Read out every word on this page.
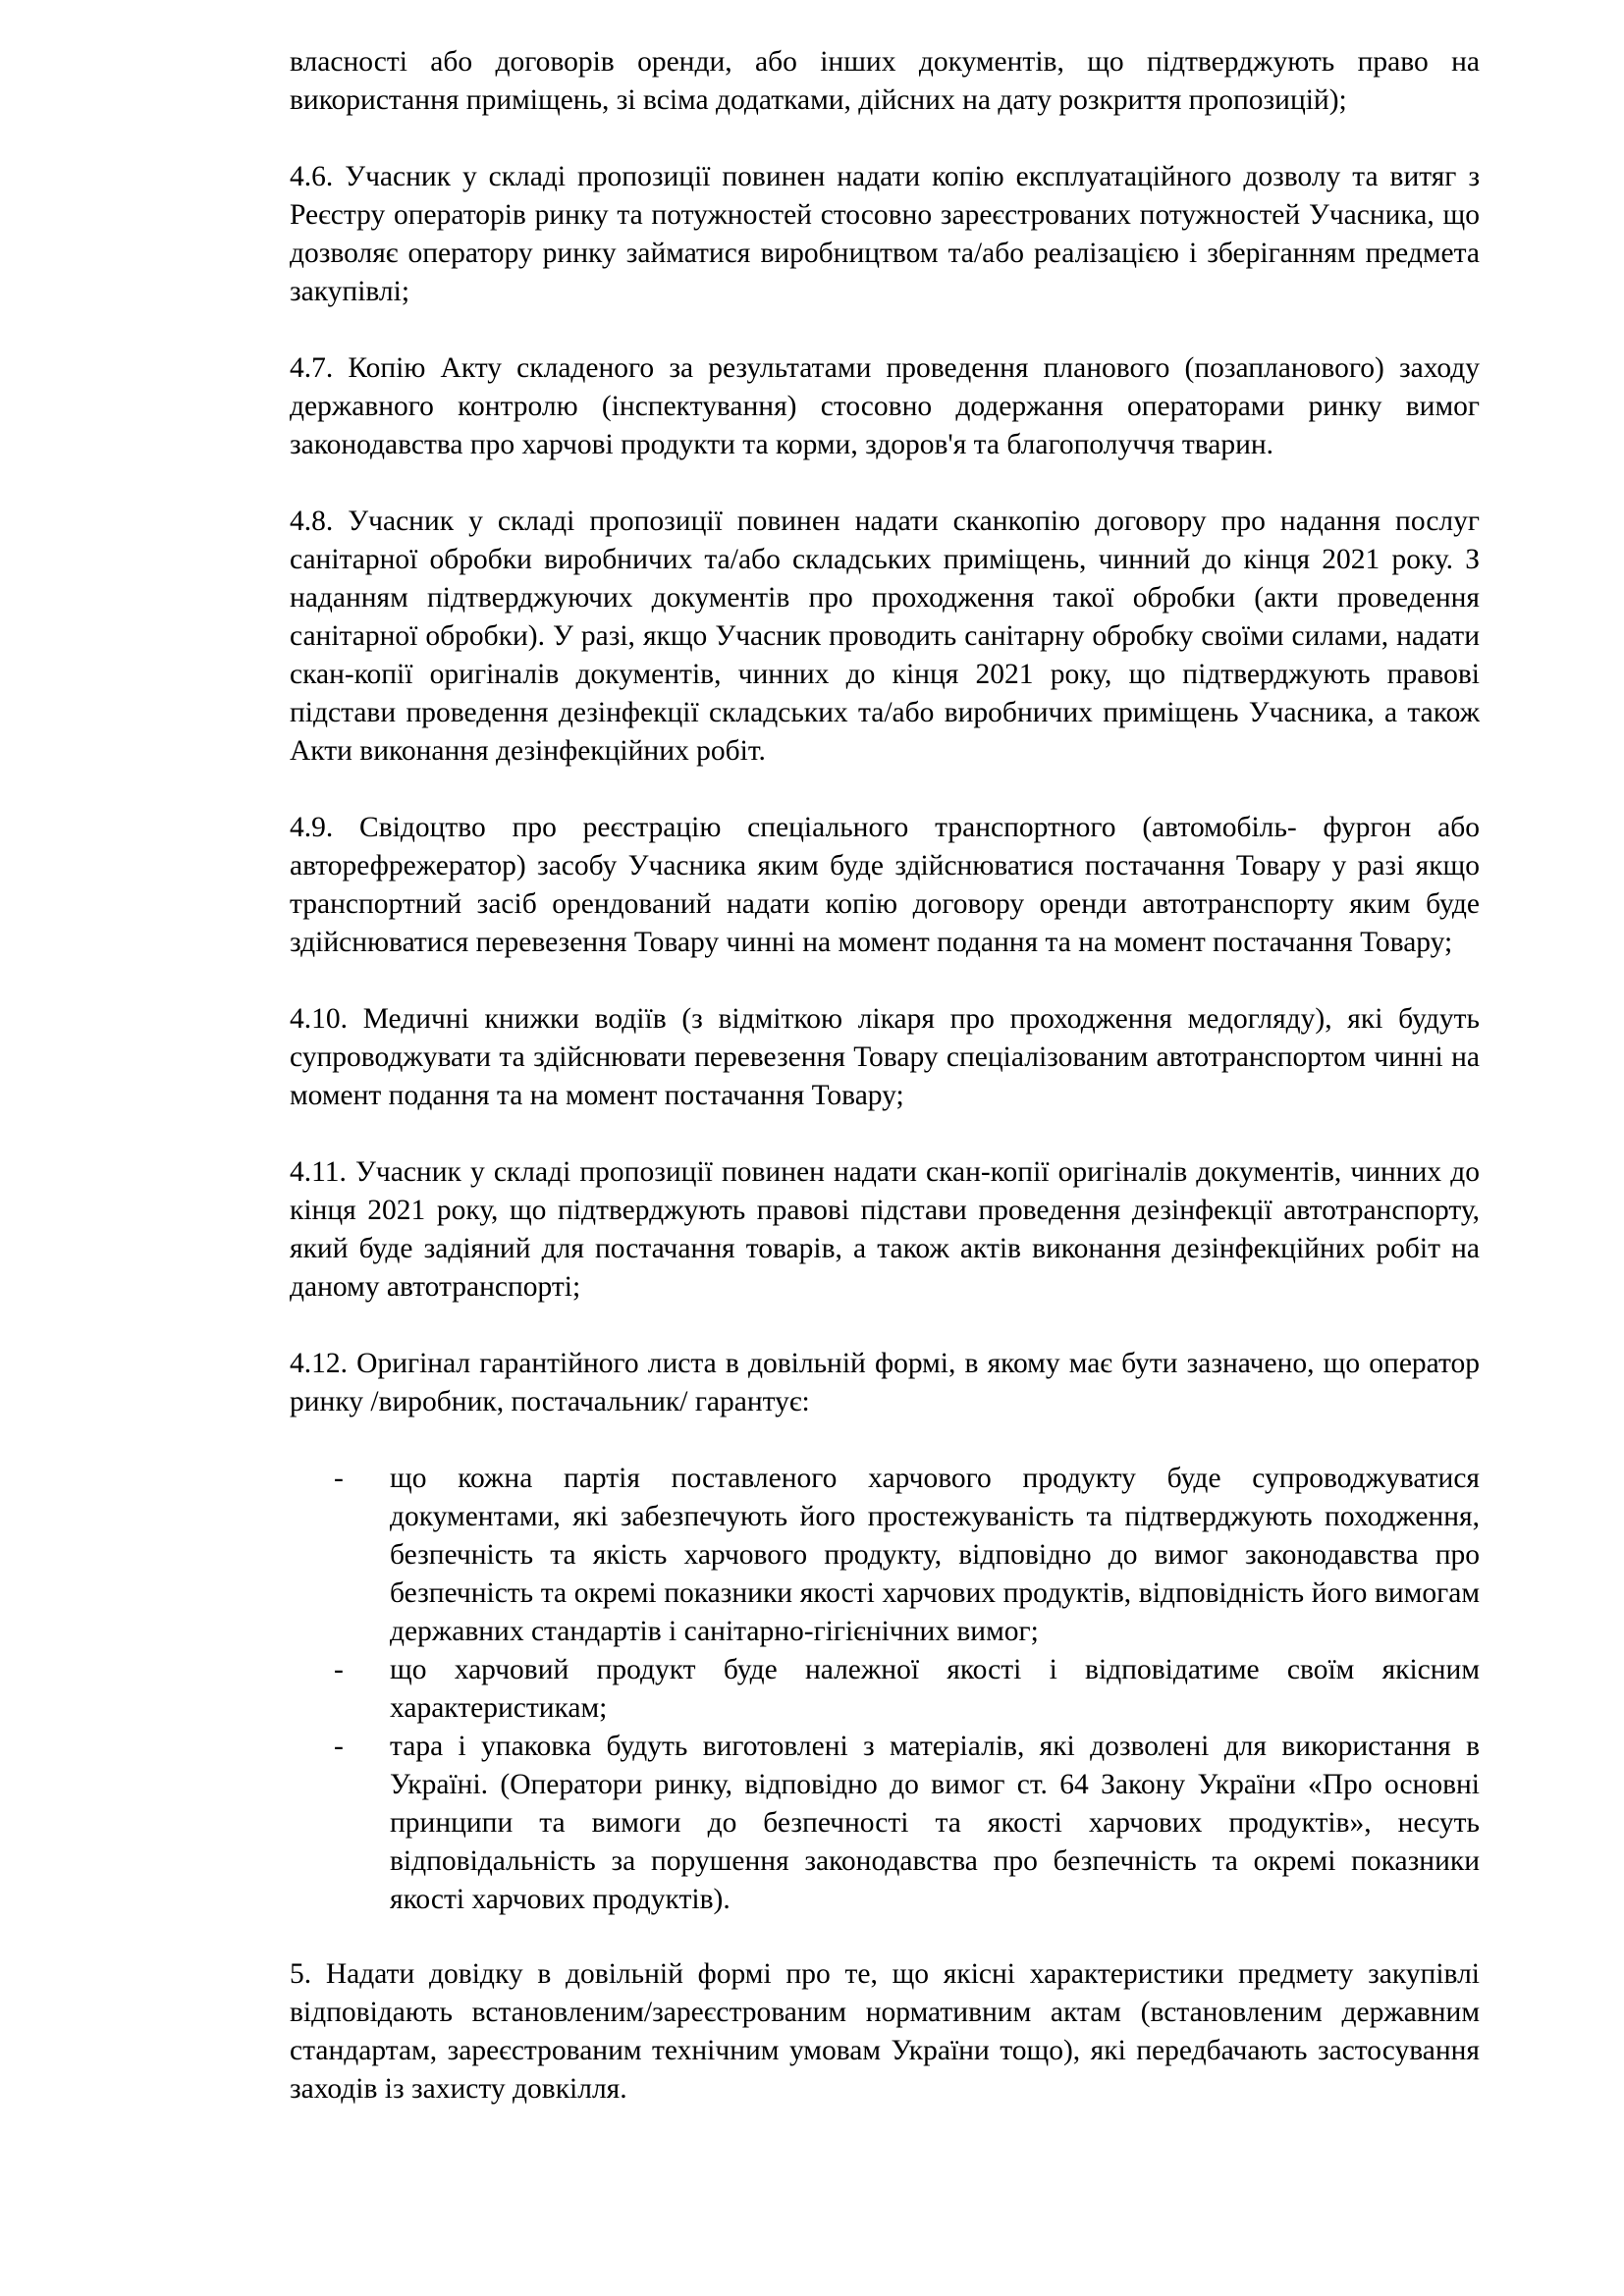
власності або договорів оренди, або інших документів, що підтверджують право на використання приміщень, зі всіма додатками, дійсних на дату розкриття пропозицій);

4.6. Учасник у складі пропозиції повинен надати копію експлуатаційного дозволу та витяг з Реєстру операторів ринку та потужностей стосовно зареєстрованих потужностей Учасника, що дозволяє оператору ринку займатися виробництвом та/або реалізацією і зберіганням предмета закупівлі;

4.7. Копію Акту складеного за результатами проведення планового (позапланового) заходу державного контролю (інспектування) стосовно додержання операторами ринку вимог законодавства про харчові продукти та корми, здоров'я та благополуччя тварин.

4.8. Учасник у складі пропозиції повинен надати сканкопію договору про надання послуг санітарної обробки виробничих та/або складських приміщень, чинний до кінця 2021 року. З наданням підтверджуючих документів про проходження такої обробки (акти проведення санітарної обробки). У разі, якщо Учасник проводить санітарну обробку своїми силами, надати скан-копії оригіналів документів, чинних до кінця 2021 року, що підтверджують правові підстави проведення дезінфекції складських та/або виробничих приміщень Учасника, а також Акти виконання дезінфекційних робіт.

4.9. Свідоцтво про реєстрацію спеціального транспортного (автомобіль- фургон або авторефрежератор) засобу Учасника яким буде здійснюватися постачання Товару у разі якщо транспортний засіб орендований надати копію договору оренди автотранспорту яким буде здійснюватися перевезення Товару чинні на момент подання та на момент постачання Товару;

4.10. Медичні книжки водіїв (з відміткою лікаря про проходження медогляду), які будуть супроводжувати та здійснювати перевезення Товару спеціалізованим автотранспортом чинні на момент подання та на момент постачання Товару;

4.11. Учасник у складі пропозиції повинен надати скан-копії оригіналів документів, чинних до кінця 2021 року, що підтверджують правові підстави проведення дезінфекції автотранспорту, який буде задіяний для постачання товарів, а також актів виконання дезінфекційних робіт на даному автотранспорті;

4.12. Оригінал гарантійного листа в довільній формі, в якому має бути зазначено, що оператор ринку /виробник, постачальник/ гарантує:

- що кожна партія поставленого харчового продукту буде супроводжуватися документами, які забезпечують його простежуваність та підтверджують походження, безпечність та якість харчового продукту, відповідно до вимог законодавства про безпечність та окремі показники якості харчових продуктів, відповідність його вимогам державних стандартів і санітарно-гігієнічних вимог;
- що харчовий продукт буде належної якості і відповідатиме своїм якісним характеристикам;
- тара і упаковка будуть виготовлені з матеріалів, які дозволені для використання в Україні. (Оператори ринку, відповідно до вимог ст. 64 Закону України «Про основні принципи та вимоги до безпечності та якості харчових продуктів», несуть відповідальність за порушення законодавства про безпечність та окремі показники якості харчових продуктів).

5. Надати довідку в довільній формі про те, що якісні характеристики предмету закупівлі відповідають встановленим/зареєстрованим нормативним актам (встановленим державним стандартам, зареєстрованим технічним умовам України тощо), які передбачають застосування заходів із захисту довкілля.
